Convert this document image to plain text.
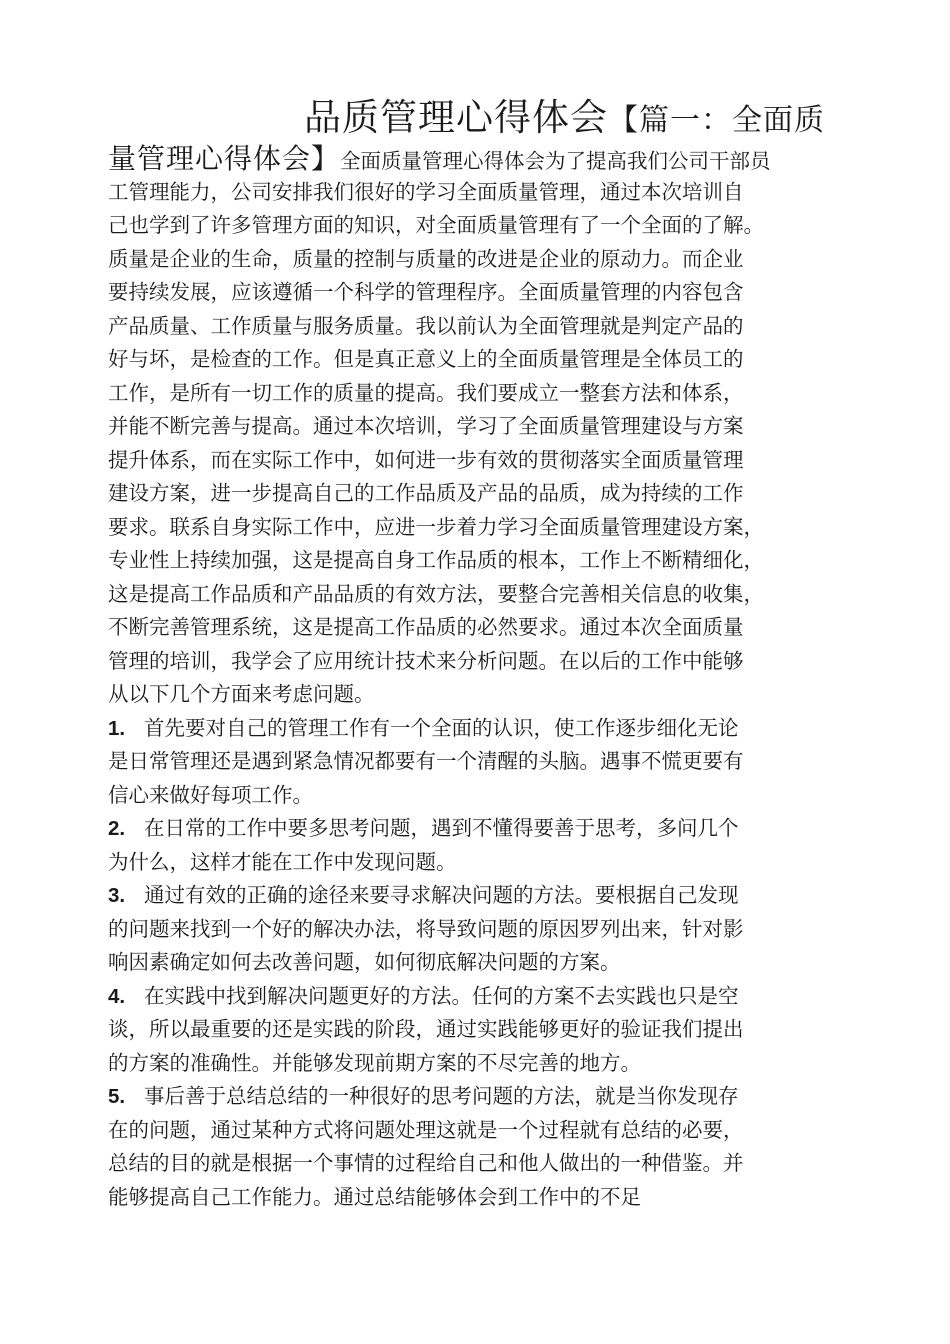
品质管理心得体会【篇一：全面质
量管理心得体会】全面质量管理心得体会为了提高我们公司干部员
工管理能力，公司安排我们很好的学习全面质量管理，通过本次培训自
己也学到了许多管理方面的知识，对全面质量管理有了一个全面的了解。
质量是企业的生命，质量的控制与质量的改进是企业的原动力。而企业
要持续发展，应该遵循一个科学的管理程序。全面质量管理的内容包含
产品质量、工作质量与服务质量。我以前认为全面管理就是判定产品的
好与坏，是检查的工作。但是真正意义上的全面质量管理是全体员工的
工作，是所有一切工作的质量的提高。我们要成立一整套方法和体系，
并能不断完善与提高。通过本次培训，学习了全面质量管理建设与方案
提升体系，而在实际工作中，如何进一步有效的贯彻落实全面质量管理
建设方案，进一步提高自己的工作品质及产品的品质，成为持续的工作
要求。联系自身实际工作中，应进一步着力学习全面质量管理建设方案，
专业性上持续加强，这是提高自身工作品质的根本，工作上不断精细化，
这是提高工作品质和产品品质的有效方法，要整合完善相关信息的收集，
不断完善管理系统，这是提高工作品质的必然要求。通过本次全面质量
管理的培训，我学会了应用统计技术来分析问题。在以后的工作中能够
从以下几个方面来考虑问题。
1. 首先要对自己的管理工作有一个全面的认识，使工作逐步细化无论
是日常管理还是遇到紧急情况都要有一个清醒的头脑。遇事不慌更要有
信心来做好每项工作。
2. 在日常的工作中要多思考问题，遇到不懂得要善于思考，多问几个
为什么，这样才能在工作中发现问题。
3. 通过有效的正确的途径来要寻求解决问题的方法。要根据自己发现
的问题来找到一个好的解决办法，将导致问题的原因罗列出来，针对影
响因素确定如何去改善问题，如何彻底解决问题的方案。
4. 在实践中找到解决问题更好的方法。任何的方案不去实践也只是空
谈，所以最重要的还是实践的阶段，通过实践能够更好的验证我们提出
的方案的准确性。并能够发现前期方案的不尽完善的地方。
5. 事后善于总结总结的一种很好的思考问题的方法，就是当你发现存
在的问题，通过某种方式将问题处理这就是一个过程就有总结的必要，
总结的目的就是根据一个事情的过程给自己和他人做出的一种借鉴。并
能够提高自己工作能力。通过总结能够体会到工作中的不足
